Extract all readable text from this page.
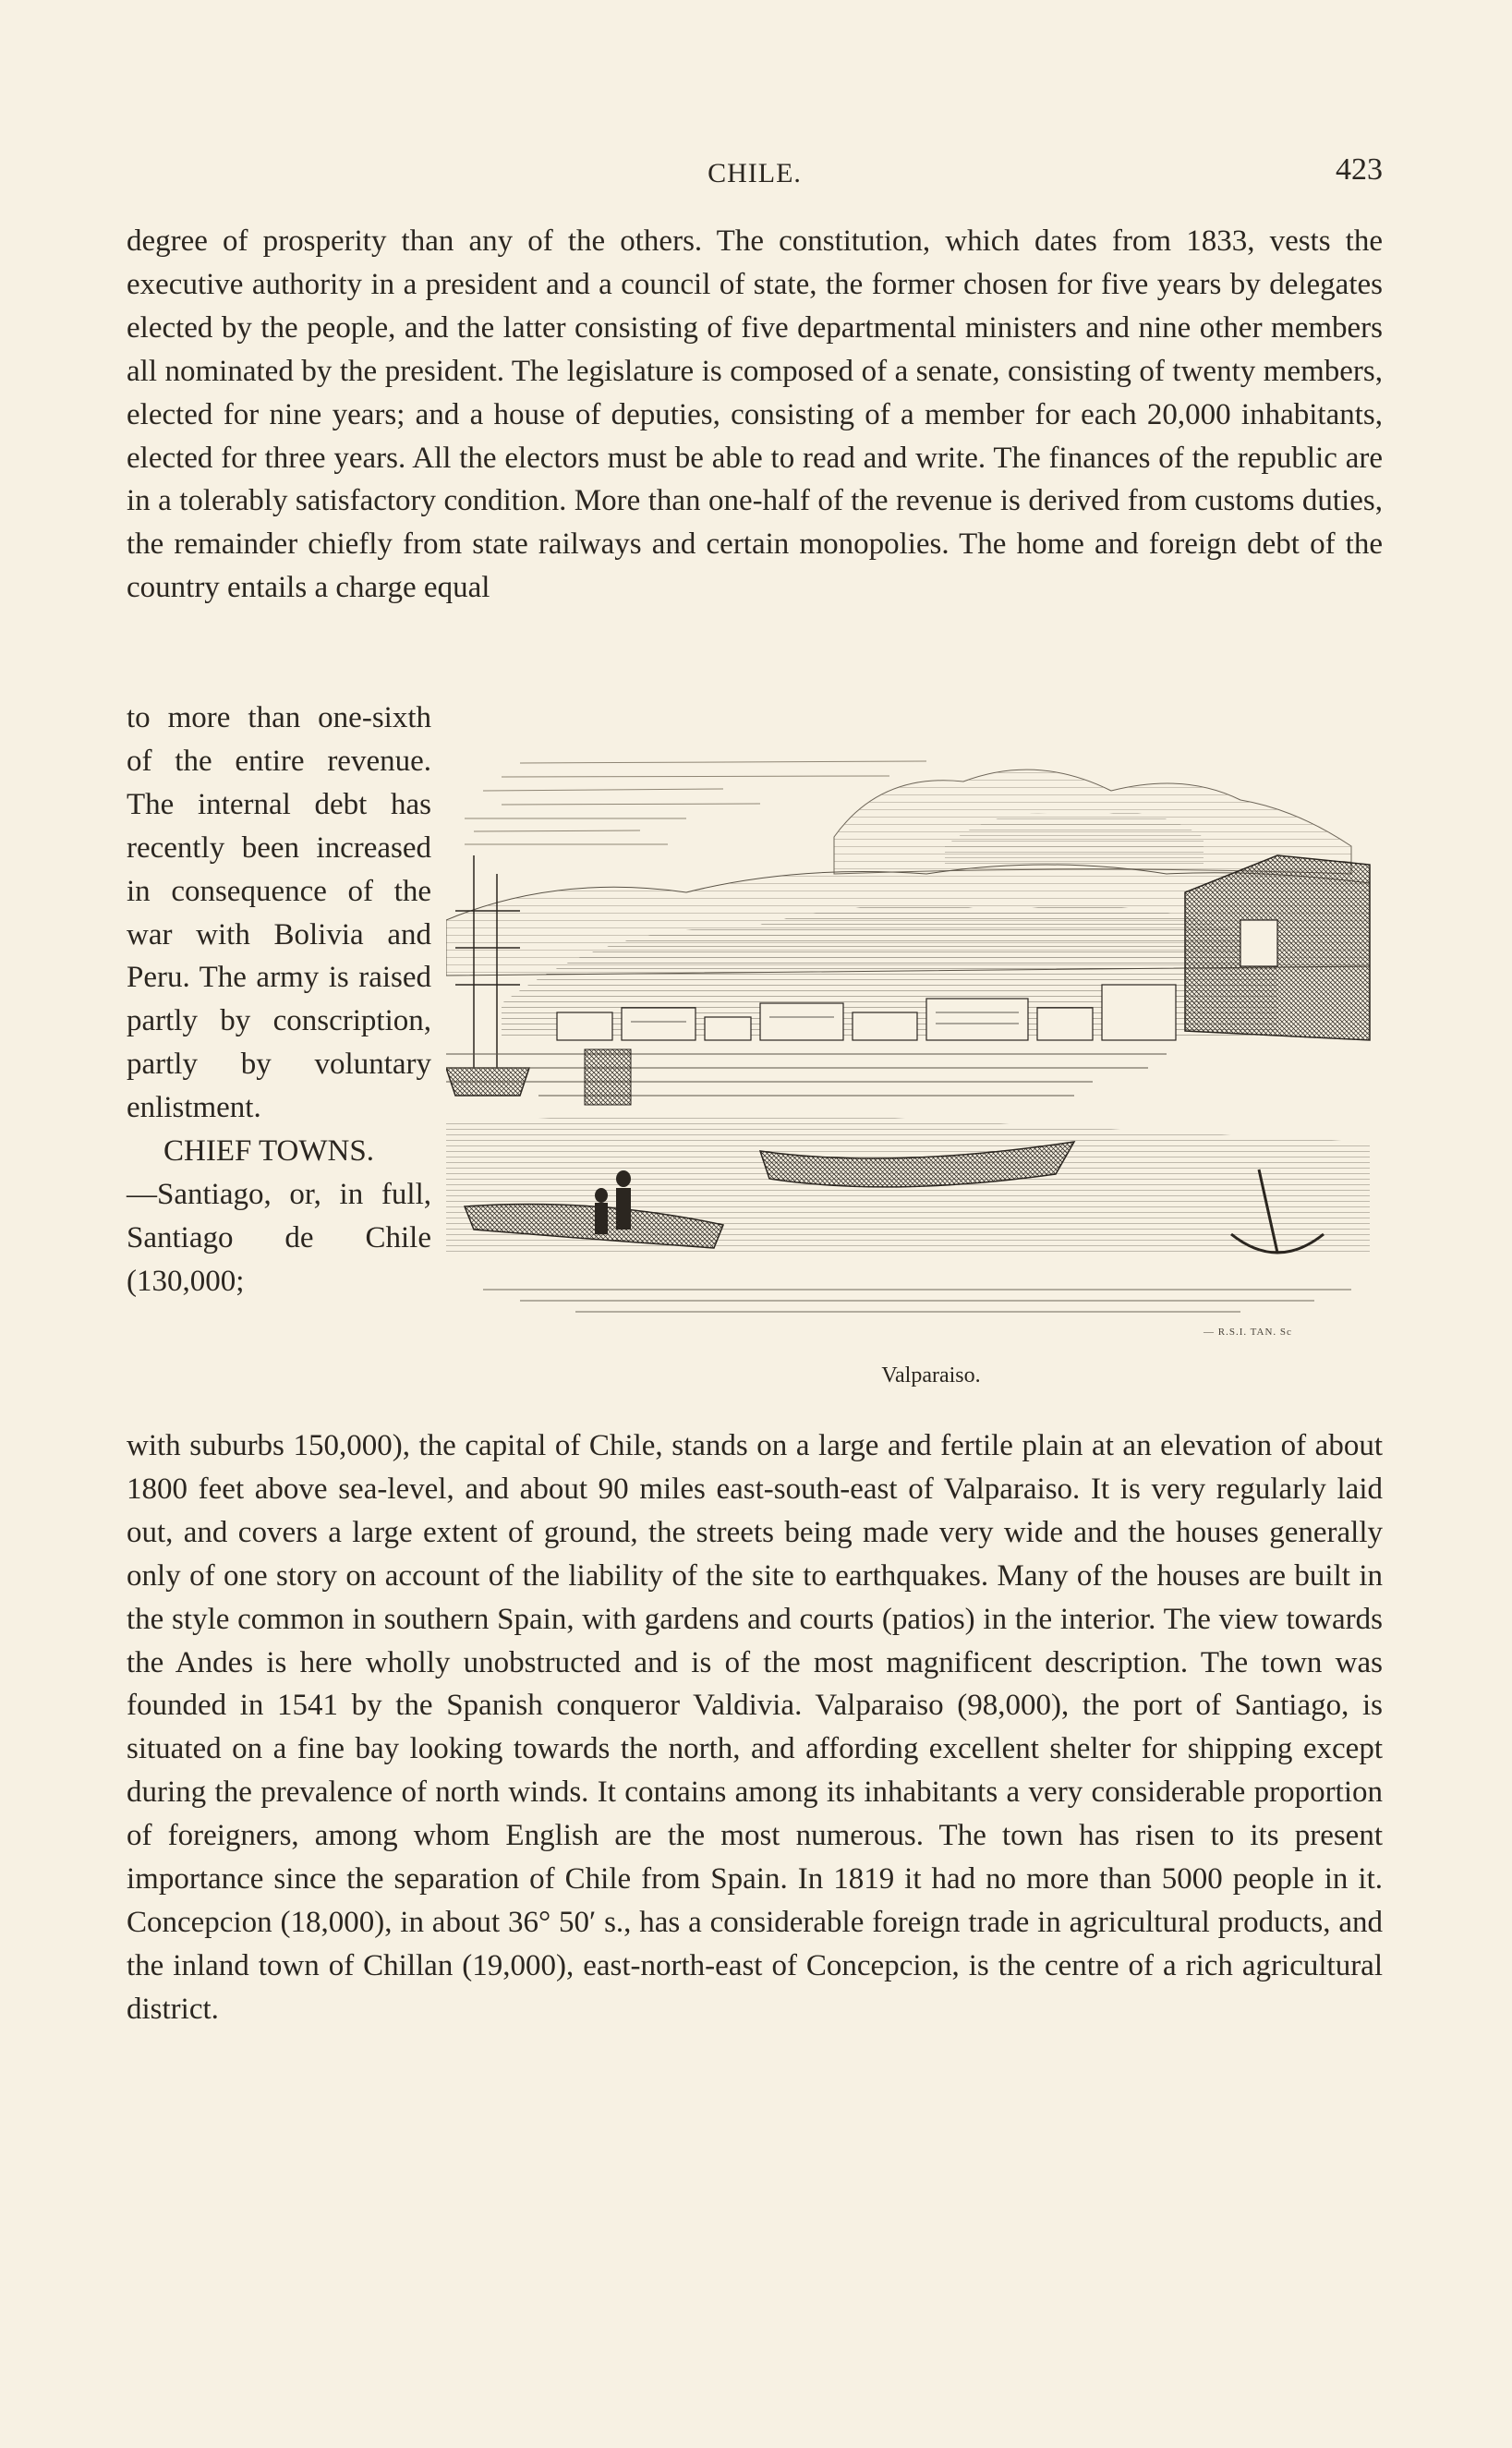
CHILE.	423

degree of prosperity than any of the others. The constitution, which dates from 1833, vests the executive authority in a president and a council of state, the former chosen for five years by delegates elected by the people, and the latter consisting of five departmental ministers and nine other members all nominated by the president. The legislature is composed of a senate, consisting of twenty members, elected for nine years; and a house of deputies, consisting of a member for each 20,000 inhabitants, elected for three years. All the electors must be able to read and write. The finances of the republic are in a tolerably satisfactory condition. More than one-half of the revenue is derived from customs duties, the remainder chiefly from state railways and certain monopolies. The home and foreign debt of the country entails a charge equal

to more than one-sixth of the entire revenue. The internal debt has recently been increased in consequence of the war with Bolivia and Peru. The army is raised partly by conscription, partly by voluntary enlistment.
CHIEF TOWNS.
—Santiago, or, in full, Santiago de Chile (130,000;
— R.S.I. TAN. Sc
Valparaiso.

with suburbs 150,000), the capital of Chile, stands on a large and fertile plain at an elevation of about 1800 feet above sea-level, and about 90 miles east-south-east of Valparaiso. It is very regularly laid out, and covers a large extent of ground, the streets being made very wide and the houses generally only of one story on account of the liability of the site to earthquakes. Many of the houses are built in the style common in southern Spain, with gardens and courts (patios) in the interior. The view towards the Andes is here wholly unobstructed and is of the most magnificent description. The town was founded in 1541 by the Spanish conqueror Valdivia. Valparaiso (98,000), the port of Santiago, is situated on a fine bay looking towards the north, and affording excellent shelter for shipping except during the prevalence of north winds. It contains among its inhabitants a very considerable proportion of foreigners, among whom English are the most numerous. The town has risen to its present importance since the separation of Chile from Spain. In 1819 it had no more than 5000 people in it. Concepcion (18,000), in about 36° 50′ s., has a considerable foreign trade in agricultural products, and the inland town of Chillan (19,000), east-north-east of Concepcion, is the centre of a rich agricultural district.
